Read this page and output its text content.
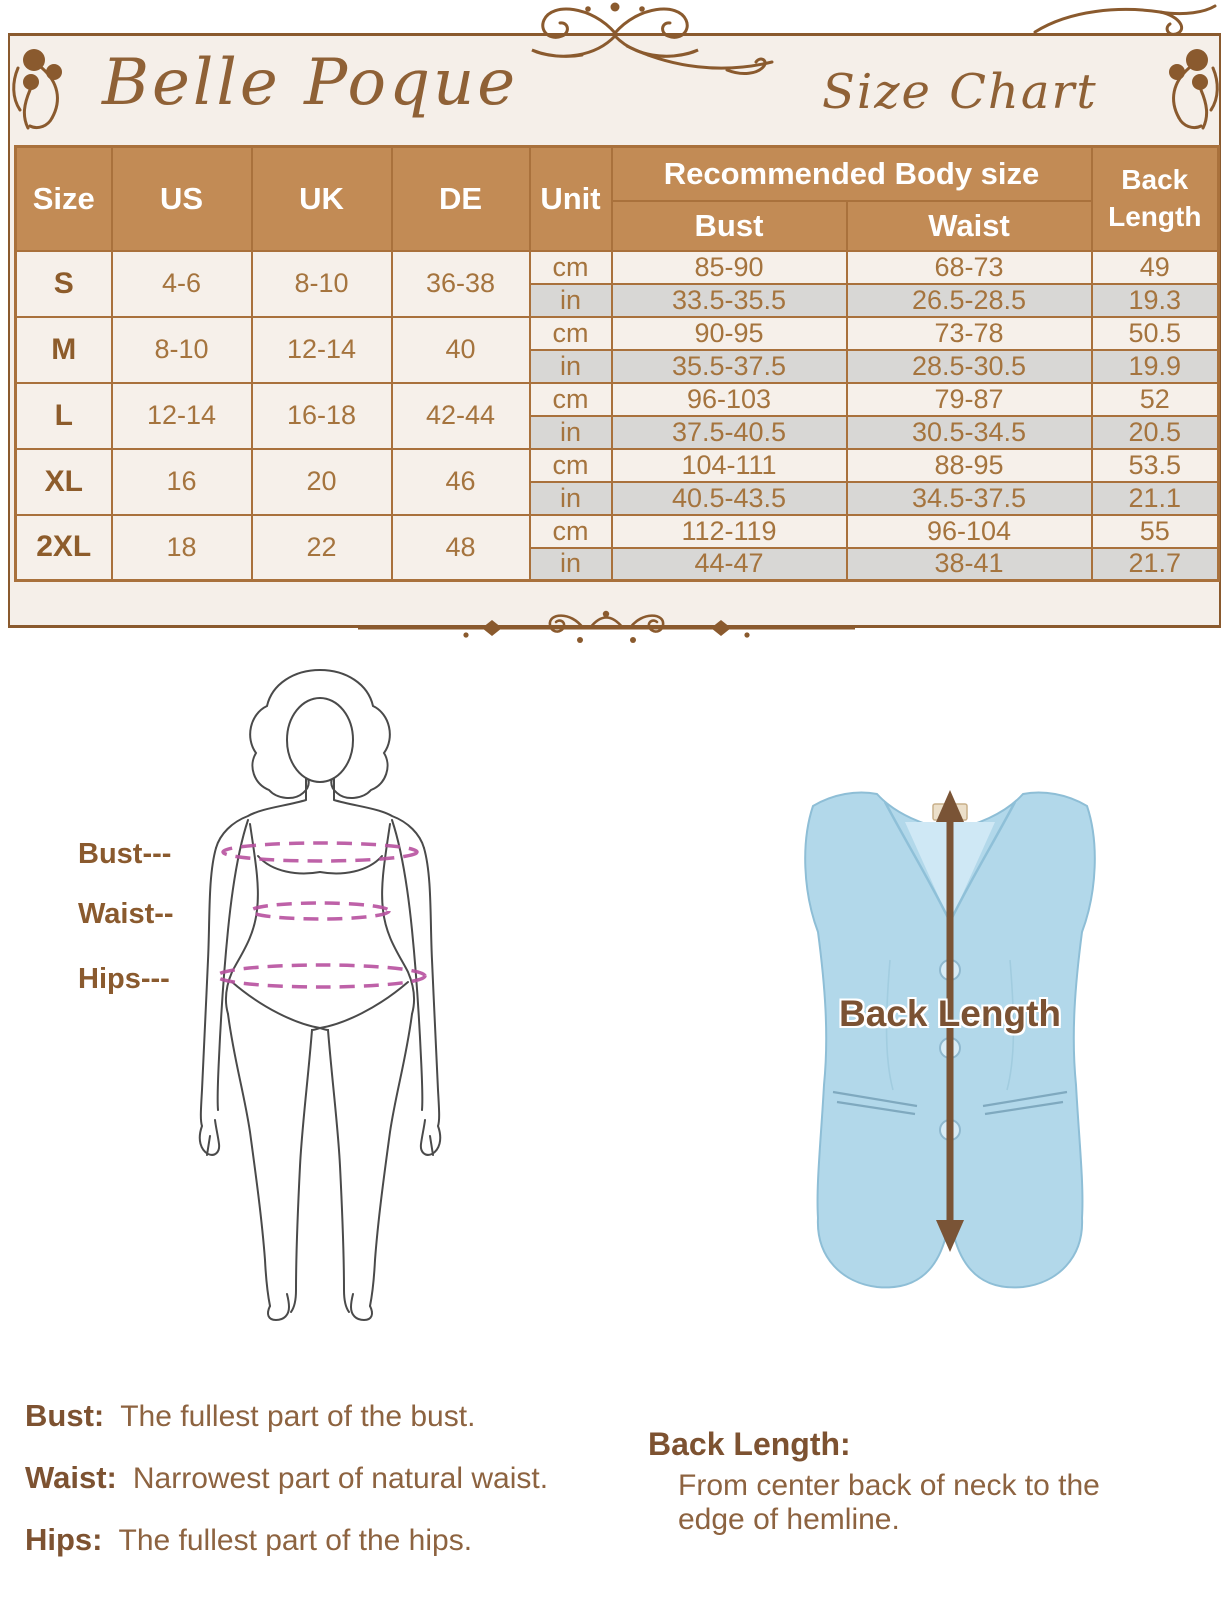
Belle Poque	Size Chart
Size	US	UK	DE	Unit	Recommended Body size		Back Length
					Bust	Waist	
S	4-6	8-10	36-38	cm	85-90	68-73	49
				in	33.5-35.5	26.5-28.5	19.3
M	8-10	12-14	40	cm	90-95	73-78	50.5
				in	35.5-37.5	28.5-30.5	19.9
L	12-14	16-18	42-44	cm	96-103	79-87	52
				in	37.5-40.5	30.5-34.5	20.5
XL	16	20	46	cm	104-111	88-95	53.5
				in	40.5-43.5	34.5-37.5	21.1
2XL	18	22	48	cm	112-119	96-104	55
				in	44-47	38-41	21.7
Bust---
Waist--
Hips---
Back Length
Bust: The fullest part of the bust.
Waist: Narrowest part of natural waist.
Hips: The fullest part of the hips.
Back Length:
From center back of neck to the edge of hemline.
